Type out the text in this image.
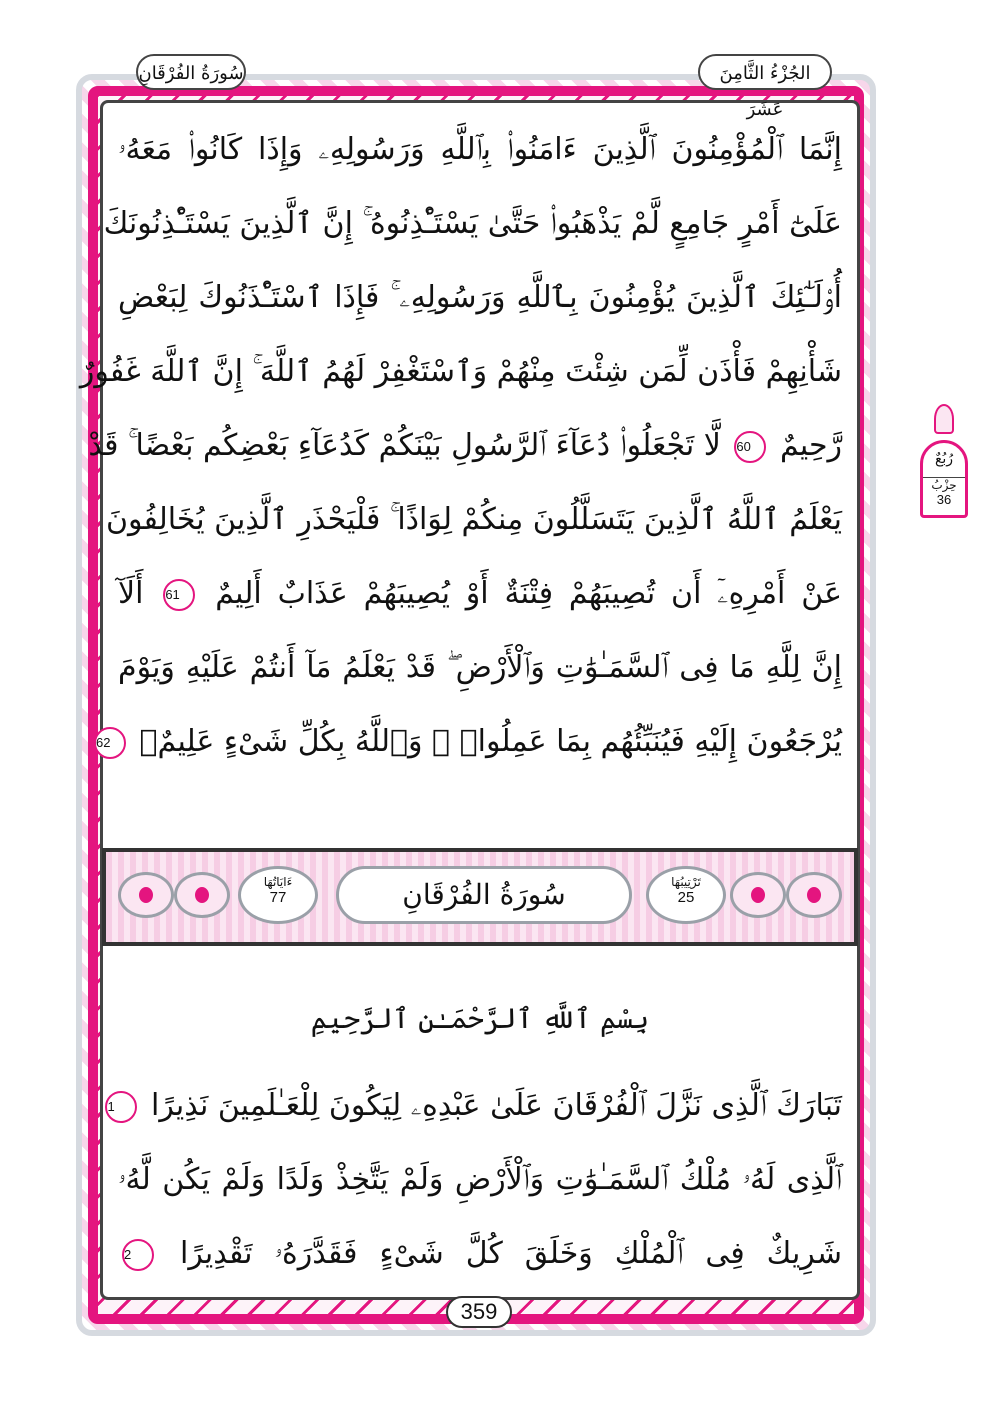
سُورَةُ الفُرْقَانِ	الجُزْءُ الثَّامِنَ عَشَرَ
رُبُعٌ
حِزْبُ
36
إِنَّمَا ٱلْمُؤْمِنُونَ ٱلَّذِينَ ءَامَنُوا۟ بِٱللَّهِ وَرَسُولِهِۦ وَإِذَا كَانُوا۟ مَعَهُۥ
عَلَىٰٓ أَمْرٍ جَامِعٍ لَّمْ يَذْهَبُوا۟ حَتَّىٰ يَسْتَـْٔذِنُوهُ ۚ إِنَّ ٱلَّذِينَ يَسْتَـْٔذِنُونَكَ
أُو۟لَـٰٓئِكَ ٱلَّذِينَ يُؤْمِنُونَ بِٱللَّهِ وَرَسُولِهِۦ ۚ فَإِذَا ٱسْتَـْٔذَنُوكَ لِبَعْضِ
شَأْنِهِمْ فَأْذَن لِّمَن شِئْتَ مِنْهُمْ وَٱسْتَغْفِرْ لَهُمُ ٱللَّهَ ۚ إِنَّ ٱللَّهَ غَفُورٌ
رَّحِيمٌ 60 لَّا تَجْعَلُوا۟ دُعَآءَ ٱلرَّسُولِ بَيْنَكُمْ كَدُعَآءِ بَعْضِكُم بَعْضًا ۚ قَدْ
يَعْلَمُ ٱللَّهُ ٱلَّذِينَ يَتَسَلَّلُونَ مِنكُمْ لِوَاذًا ۚ فَلْيَحْذَرِ ٱلَّذِينَ يُخَالِفُونَ
عَنْ أَمْرِهِۦٓ أَن تُصِيبَهُمْ فِتْنَةٌ أَوْ يُصِيبَهُمْ عَذَابٌ أَلِيمٌ 61 أَلَآ
إِنَّ لِلَّهِ مَا فِى ٱلسَّمَـٰوَٰتِ وَٱلْأَرْضِ ۖ قَدْ يَعْلَمُ مَآ أَنتُمْ عَلَيْهِ وَيَوْمَ
يُرْجَعُونَ إِلَيْهِ فَيُنَبِّئُهُم بِمَا عَمِلُوا۟ ۗ وَٱللَّهُ بِكُلِّ شَىْءٍ عَلِيمٌۢ 62
ءَايَاتُهَا
77	سُورَةُ الفُرْقَانِ	تَرْتِيبُهَا
25
بِسْمِ ٱللَّهِ ٱلرَّحْمَـٰنِ ٱلرَّحِيمِ
تَبَارَكَ ٱلَّذِى نَزَّلَ ٱلْفُرْقَانَ عَلَىٰ عَبْدِهِۦ لِيَكُونَ لِلْعَـٰلَمِينَ نَذِيرًا 1
ٱلَّذِى لَهُۥ مُلْكُ ٱلسَّمَـٰوَٰتِ وَٱلْأَرْضِ وَلَمْ يَتَّخِذْ وَلَدًا وَلَمْ يَكُن لَّهُۥ
شَرِيكٌ فِى ٱلْمُلْكِ وَخَلَقَ كُلَّ شَىْءٍ فَقَدَّرَهُۥ تَقْدِيرًا 2
359
